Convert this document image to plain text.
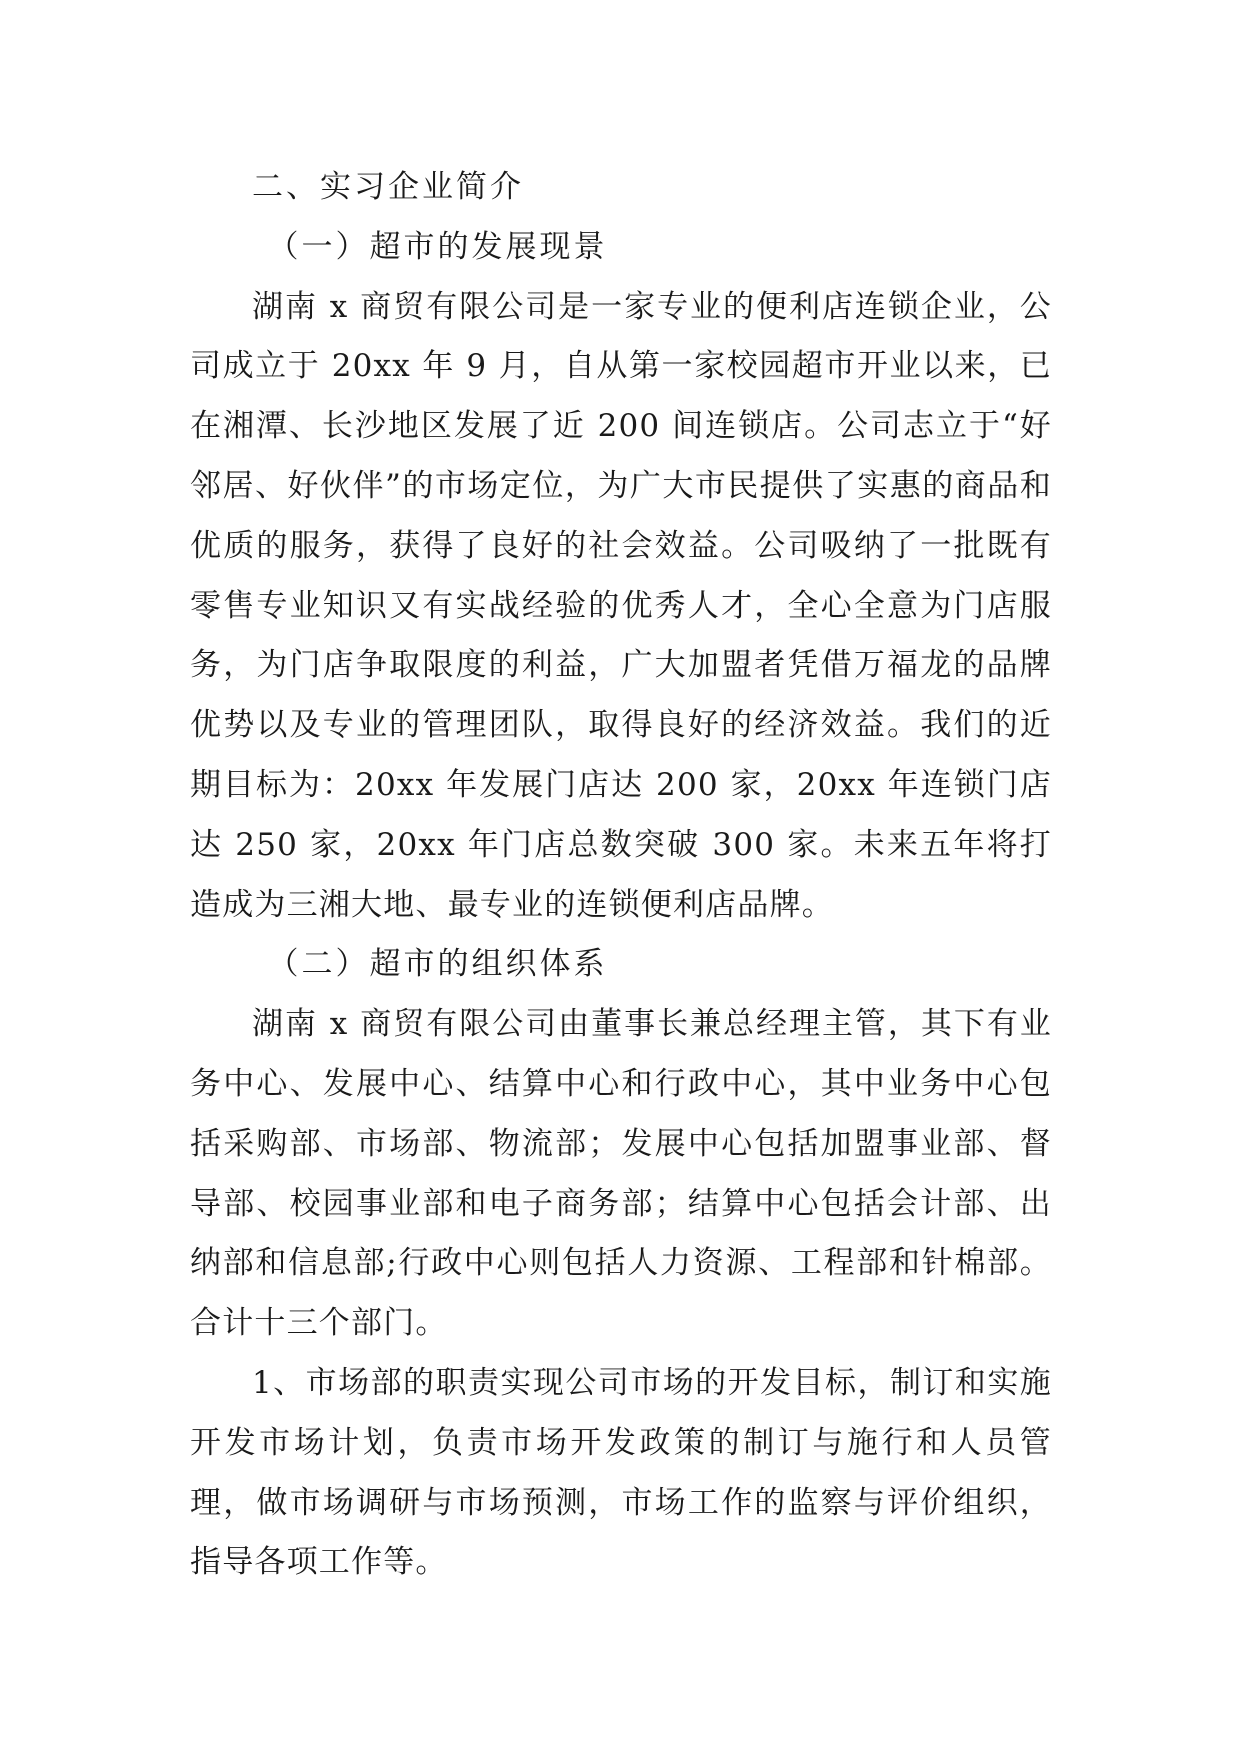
二、实习企业简介

（一）超市的发展现景

湖南 x 商贸有限公司是一家专业的便利店连锁企业，公司成立于 20xx 年 9 月，自从第一家校园超市开业以来，已在湘潭、长沙地区发展了近 200 间连锁店。公司志立于“好邻居、好伙伴”的市场定位，为广大市民提供了实惠的商品和优质的服务，获得了良好的社会效益。公司吸纳了一批既有零售专业知识又有实战经验的优秀人才，全心全意为门店服务，为门店争取限度的利益，广大加盟者凭借万福龙的品牌优势以及专业的管理团队，取得良好的经济效益。我们的近期目标为：20xx 年发展门店达 200 家，20xx 年连锁门店达 250 家，20xx 年门店总数突破 300 家。未来五年将打造成为三湘大地、最专业的连锁便利店品牌。

（二）超市的组织体系

湖南 x 商贸有限公司由董事长兼总经理主管，其下有业务中心、发展中心、结算中心和行政中心，其中业务中心包括采购部、市场部、物流部；发展中心包括加盟事业部、督导部、校园事业部和电子商务部；结算中心包括会计部、出纳部和信息部;行政中心则包括人力资源、工程部和针棉部。合计十三个部门。

1、市场部的职责实现公司市场的开发目标，制订和实施开发市场计划，负责市场开发政策的制订与施行和人员管理，做市场调研与市场预测，市场工作的监察与评价组织，指导各项工作等。
